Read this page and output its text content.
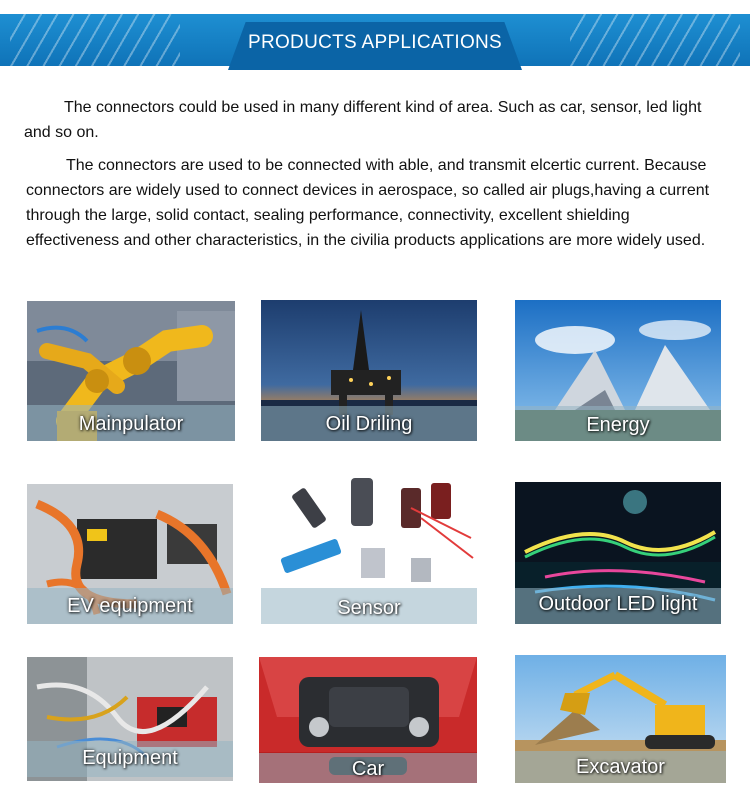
PRODUCTS APPLICATIONS
The connectors could be used in many different kind of area. Such as car, sensor, led light and so on.
The connectors are used to be connected with able, and transmit elcertic current. Because connectors are widely used to connect devices in aerospace, so called air plugs,having a current through the large, solid contact, sealing performance, connectivity, excellent shielding effectiveness and other characteristics, in the civilia products applications are more widely used.
Mainpulator	Oil Driling	Energy
EV equipment	Sensor	Outdoor LED light
Equipment	Car	Excavator
